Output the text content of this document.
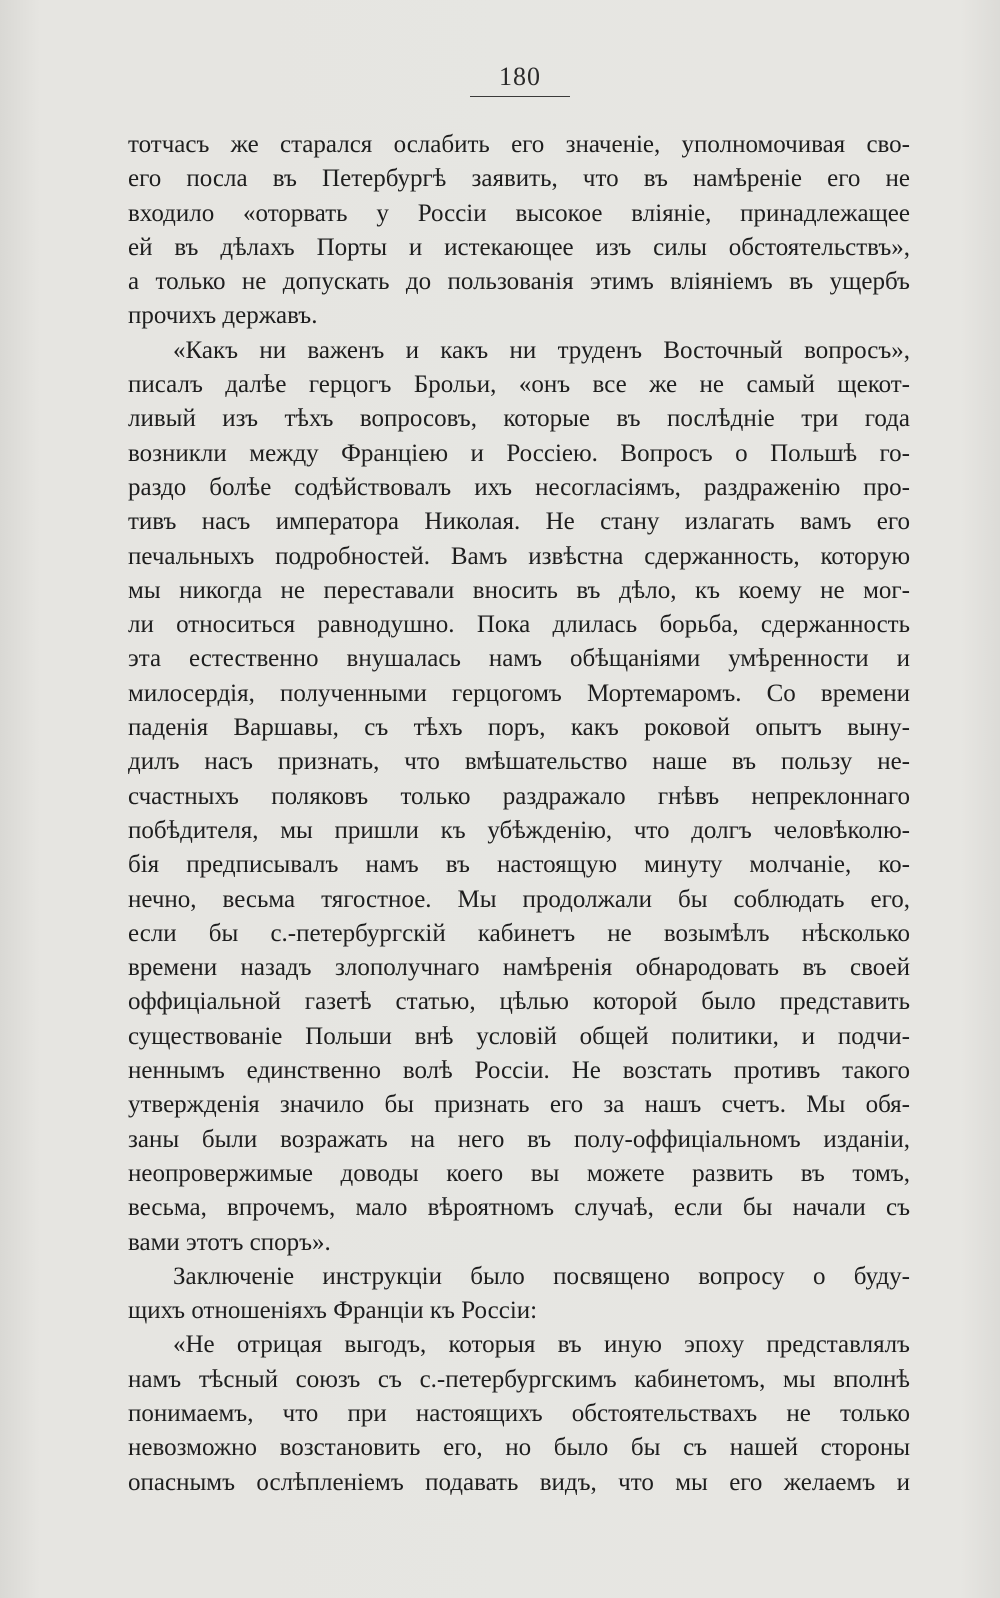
180
тотчасъ же старался ослабить его значеніе, уполномочивая сво-
его посла въ Петербургѣ заявить, что въ намѣреніе его не
входило «оторвать у Россіи высокое вліяніе, принадлежащее
ей въ дѣлахъ Порты и истекающее изъ силы обстоятельствъ»,
а только не допускать до пользованія этимъ вліяніемъ въ ущербъ
прочихъ державъ.
«Какъ ни важенъ и какъ ни труденъ Восточный вопросъ»,
писалъ далѣе герцогъ Брольи, «онъ все же не самый щекот-
ливый изъ тѣхъ вопросовъ, которые въ послѣдніе три года
возникли между Франціею и Россіею. Вопросъ о Польшѣ го-
раздо болѣе содѣйствовалъ ихъ несогласіямъ, раздраженію про-
тивъ насъ императора Николая. Не стану излагать вамъ его
печальныхъ подробностей. Вамъ извѣстна сдержанность, которую
мы никогда не переставали вносить въ дѣло, къ коему не мог-
ли относиться равнодушно. Пока длилась борьба, сдержанность
эта естественно внушалась намъ обѣщаніями умѣренности и
милосердія, полученными герцогомъ Мортемаромъ. Со времени
паденія Варшавы, съ тѣхъ поръ, какъ роковой опытъ выну-
дилъ насъ признать, что вмѣшательство наше въ пользу не-
счастныхъ поляковъ только раздражало гнѣвъ непреклоннаго
побѣдителя, мы пришли къ убѣжденію, что долгъ человѣколю-
бія предписывалъ намъ въ настоящую минуту молчаніе, ко-
нечно, весьма тягостное. Мы продолжали бы соблюдать его,
если бы с.-петербургскій кабинетъ не возымѣлъ нѣсколько
времени назадъ злополучнаго намѣренія обнародовать въ своей
оффиціальной газетѣ статью, цѣлью которой было представить
существованіе Польши внѣ условій общей политики, и подчи-
неннымъ единственно волѣ Россіи. Не возстать противъ такого
утвержденія значило бы признать его за нашъ счетъ. Мы обя-
заны были возражать на него въ полу-оффиціальномъ изданіи,
неопровержимые доводы коего вы можете развить въ томъ,
весьма, впрочемъ, мало вѣроятномъ случаѣ, если бы начали съ
вами этотъ споръ».
Заключеніе инструкціи было посвящено вопросу о буду-
щихъ отношеніяхъ Франціи къ Россіи:
«Не отрицая выгодъ, которыя въ иную эпоху представлялъ
намъ тѣсный союзъ съ с.-петербургскимъ кабинетомъ, мы вполнѣ
понимаемъ, что при настоящихъ обстоятельствахъ не только
невозможно возстановить его, но было бы съ нашей стороны
опаснымъ ослѣпленіемъ подавать видъ, что мы его желаемъ и
